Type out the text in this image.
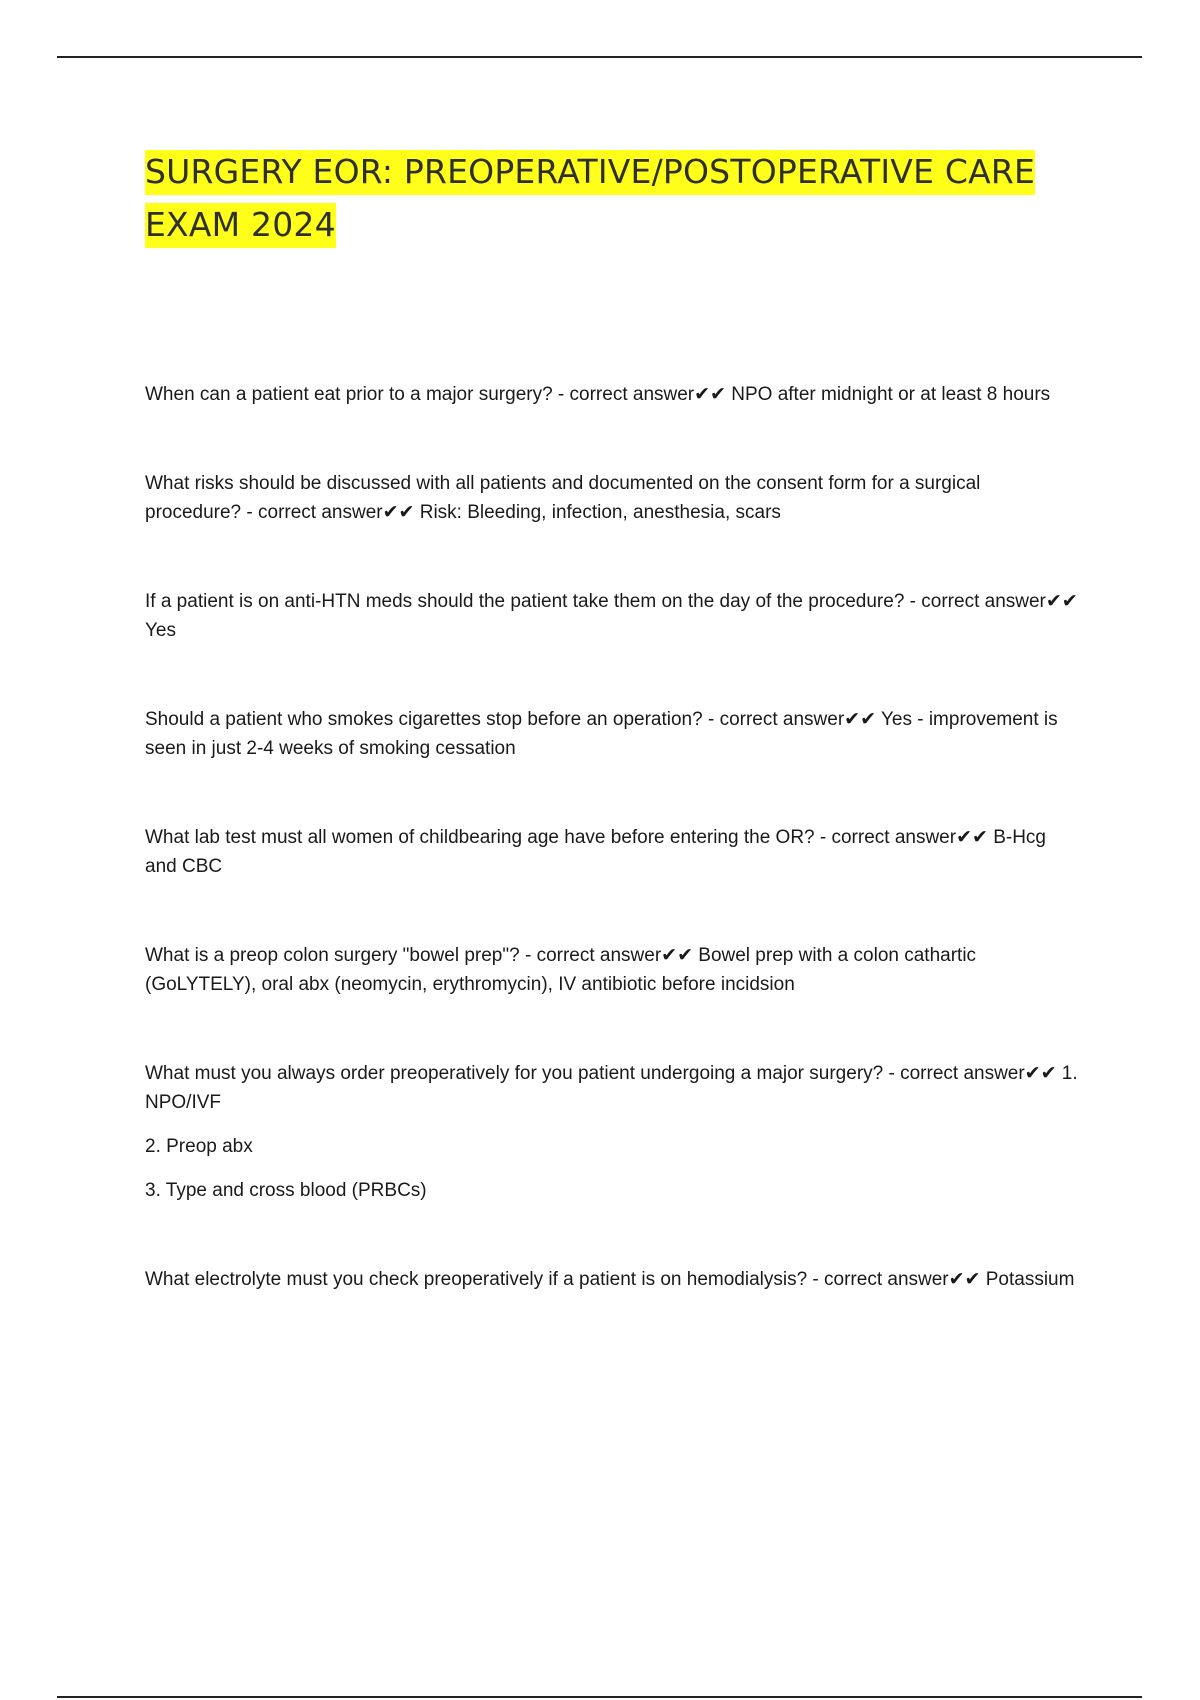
SURGERY EOR: PREOPERATIVE/POSTOPERATIVE CARE EXAM 2024

When can a patient eat prior to a major surgery? - correct answer✔✔ NPO after midnight or at least 8 hours

What risks should be discussed with all patients and documented on the consent form for a surgical procedure? - correct answer✔✔ Risk: Bleeding, infection, anesthesia, scars

If a patient is on anti-HTN meds should the patient take them on the day of the procedure? - correct answer✔✔ Yes

Should a patient who smokes cigarettes stop before an operation? - correct answer✔✔ Yes - improvement is seen in just 2-4 weeks of smoking cessation

What lab test must all women of childbearing age have before entering the OR? - correct answer✔✔ B-Hcg and CBC

What is a preop colon surgery "bowel prep"? - correct answer✔✔ Bowel prep with a colon cathartic (GoLYTELY), oral abx (neomycin, erythromycin), IV antibiotic before incidsion

What must you always order preoperatively for you patient undergoing a major surgery? - correct answer✔✔ 1. NPO/IVF

2. Preop abx

3. Type and cross blood (PRBCs)

What electrolyte must you check preoperatively if a patient is on hemodialysis? - correct answer✔✔ Potassium
